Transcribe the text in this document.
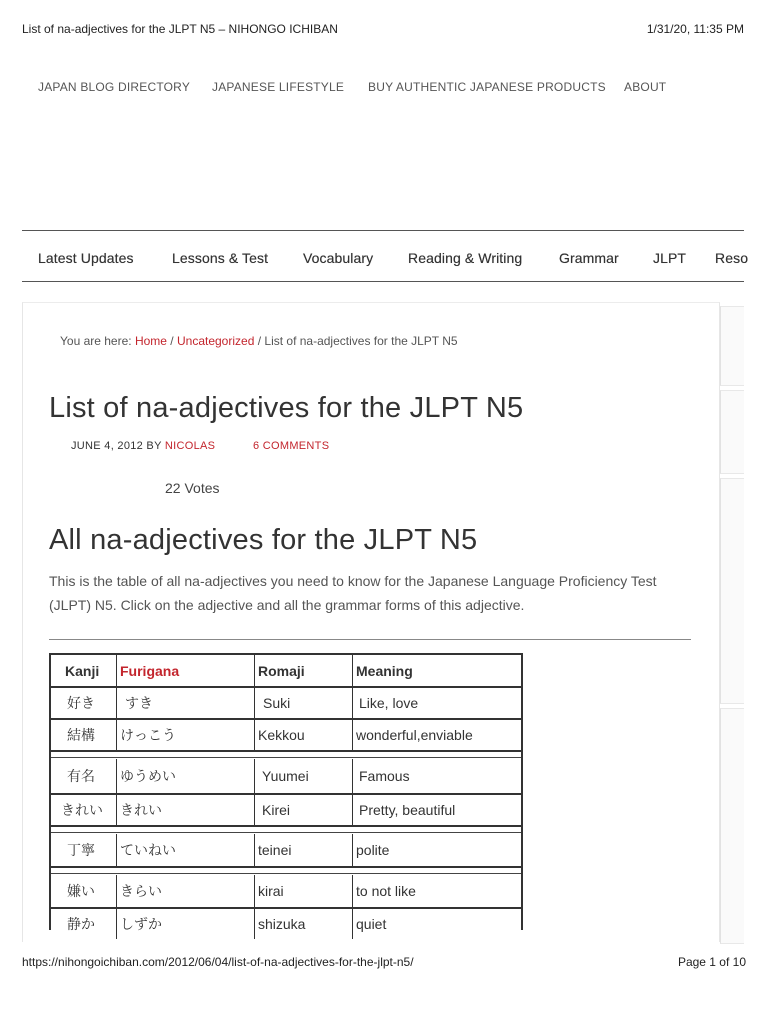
List of na-adjectives for the JLPT N5 – NIHONGO ICHIBAN	1/31/20, 11:35 PM
JAPAN BLOG DIRECTORY JAPANESE LIFESTYLE BUY AUTHENTIC JAPANESE PRODUCTS ABOUT
Latest Updates	Lessons & Test Vocabulary Reading & Writing	Grammar JLPT Reso
You are here: Home / Uncategorized / List of na-adjectives for the JLPT N5
List of na-adjectives for the JLPT N5
JUNE 4, 2012 BY NICOLAS	6 COMMENTS
22 Votes
All na-adjectives for the JLPT N5

This is the table of all na-adjectives you need to know for the Japanese Language Proficiency Test (JLPT) N5. Click on the adjective and all the grammar forms of this adjective.

Kanji Furigana	Romaji	Meaning
好き すき	Suki	Like, love
結構 けっこう	Kekkou	wonderful,enviable
有名 ゆうめい	Yuumei	Famous
きれい きれい	Kirei	Pretty, beautiful
丁寧 ていねい	teinei	polite
嫌い きらい	kirai	to not like
静か しずか	shizuka	quiet
https://nihongoichiban.com/2012/06/04/list-of-na-adjectives-for-the-jlpt-n5/	Page 1 of 10
